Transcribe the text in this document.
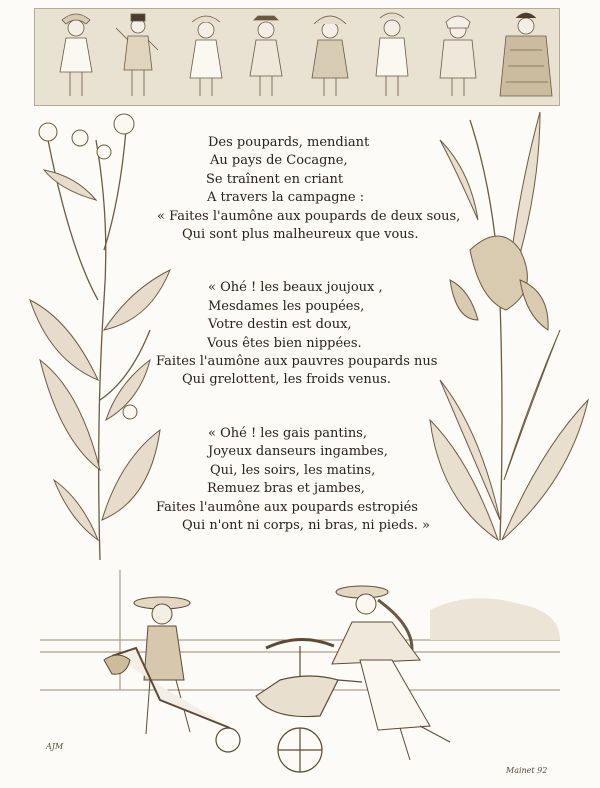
Des poupards, mendiant
Au pays de Cocagne,
Se traînent en criant
A travers la campagne :
« Faites l'aumône aux poupards de deux sous,
Qui sont plus malheureux que vous.
« Ohé ! les beaux joujoux ,
Mesdames les poupées,
Votre destin est doux,
Vous êtes bien nippées.
Faites l'aumône aux pauvres poupards nus
Qui grelottent, les froids venus.
« Ohé ! les gais pantins,
Joyeux danseurs ingambes,
Qui, les soirs, les matins,
Remuez bras et jambes,
Faites l'aumône aux poupards estropiés
Qui n'ont ni corps, ni bras, ni pieds. »
AJM
Mainet 92
